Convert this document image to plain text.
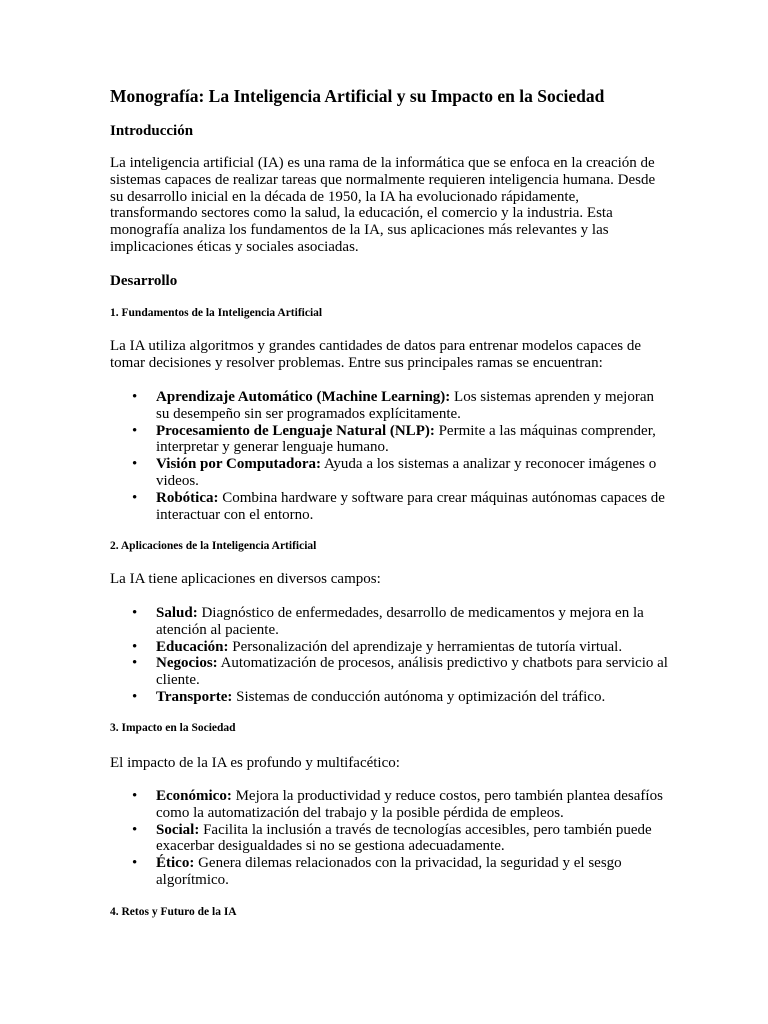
Monografía: La Inteligencia Artificial y su Impacto en la Sociedad
Introducción

La inteligencia artificial (IA) es una rama de la informática que se enfoca en la creación de sistemas capaces de realizar tareas que normalmente requieren inteligencia humana. Desde su desarrollo inicial en la década de 1950, la IA ha evolucionado rápidamente, transformando sectores como la salud, la educación, el comercio y la industria. Esta monografía analiza los fundamentos de la IA, sus aplicaciones más relevantes y las implicaciones éticas y sociales asociadas.

Desarrollo
1. Fundamentos de la Inteligencia Artificial

La IA utiliza algoritmos y grandes cantidades de datos para entrenar modelos capaces de tomar decisiones y resolver problemas. Entre sus principales ramas se encuentran:

• Aprendizaje Automático (Machine Learning): Los sistemas aprenden y mejoran su desempeño sin ser programados explícitamente.
• Procesamiento de Lenguaje Natural (NLP): Permite a las máquinas comprender, interpretar y generar lenguaje humano.
• Visión por Computadora: Ayuda a los sistemas a analizar y reconocer imágenes o videos.
• Robótica: Combina hardware y software para crear máquinas autónomas capaces de interactuar con el entorno.
2. Aplicaciones de la Inteligencia Artificial

La IA tiene aplicaciones en diversos campos:

• Salud: Diagnóstico de enfermedades, desarrollo de medicamentos y mejora en la atención al paciente.
• Educación: Personalización del aprendizaje y herramientas de tutoría virtual.
• Negocios: Automatización de procesos, análisis predictivo y chatbots para servicio al cliente.
• Transporte: Sistemas de conducción autónoma y optimización del tráfico.
3. Impacto en la Sociedad

El impacto de la IA es profundo y multifacético:

• Económico: Mejora la productividad y reduce costos, pero también plantea desafíos como la automatización del trabajo y la posible pérdida de empleos.
• Social: Facilita la inclusión a través de tecnologías accesibles, pero también puede exacerbar desigualdades si no se gestiona adecuadamente.
• Ético: Genera dilemas relacionados con la privacidad, la seguridad y el sesgo algorítmico.
4. Retos y Futuro de la IA
